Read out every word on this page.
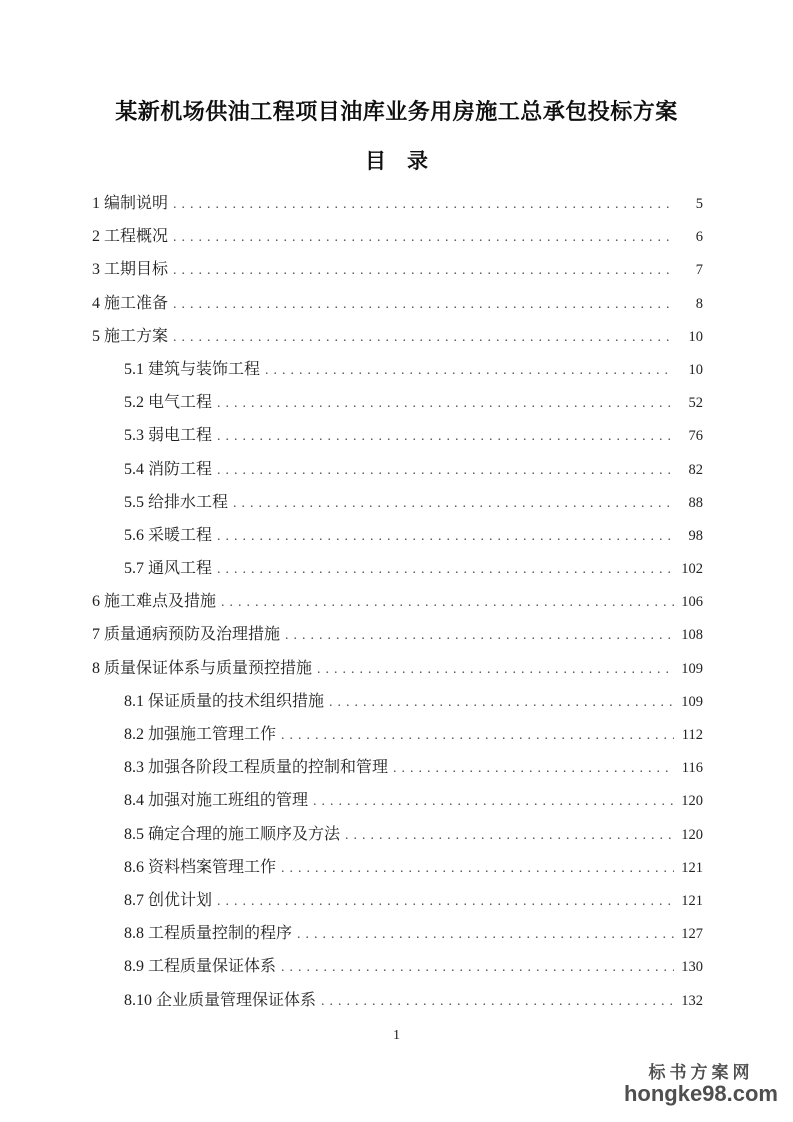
某新机场供油工程项目油库业务用房施工总承包投标方案
目　录
1 编制说明 .....	5
2 工程概况 .....	6
3 工期目标 .....	7
4 施工准备 .....	8
5 施工方案 .....	10
5.1 建筑与装饰工程 .....	10
5.2 电气工程 .....	52
5.3 弱电工程 .....	76
5.4 消防工程 .....	82
5.5 给排水工程 .....	88
5.6 采暖工程 .....	98
5.7 通风工程 .....	102
6 施工难点及措施 .....	106
7 质量通病预防及治理措施 .....	108
8 质量保证体系与质量预控措施 .....	109
8.1 保证质量的技术组织措施 .....	109
8.2 加强施工管理工作 .....	112
8.3 加强各阶段工程质量的控制和管理 .....	116
8.4 加强对施工班组的管理 .....	120
8.5 确定合理的施工顺序及方法 .....	120
8.6 资料档案管理工作 .....	121
8.7 创优计划 .....	121
8.8 工程质量控制的程序 .....	127
8.9 工程质量保证体系 .....	130
8.10 企业质量管理保证体系 .....	132
1
标书方案网
hongke98.com
